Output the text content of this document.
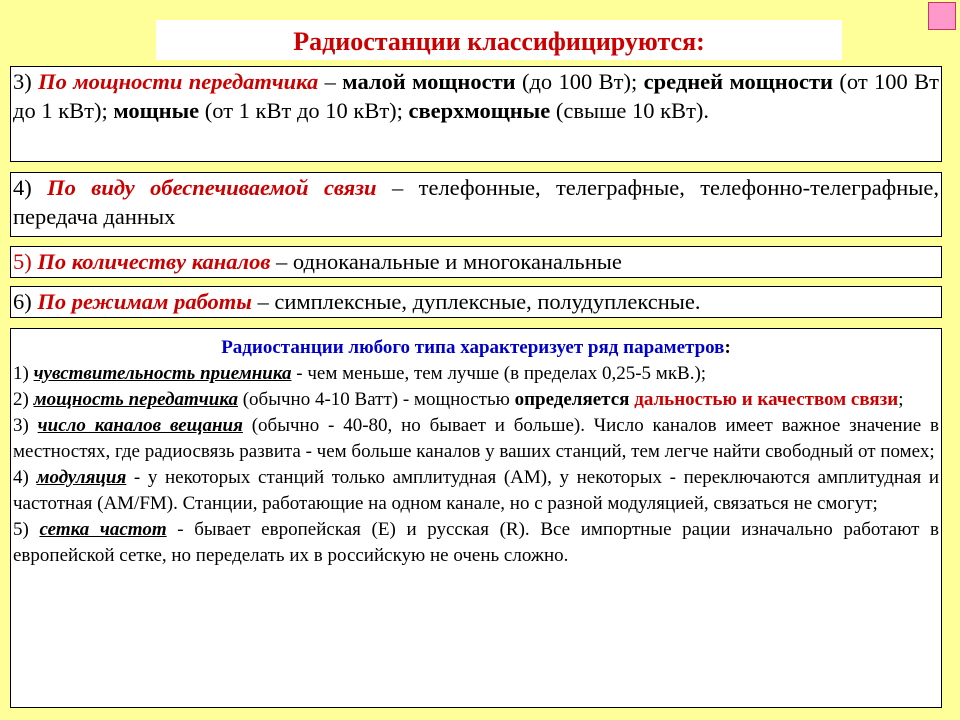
Радиостанции классифицируются:
3) По мощности передатчика – малой мощности (до 100 Вт); средней мощности (от 100 Вт до 1 кВт); мощные (от 1 кВт до 10 кВт); сверхмощные (свыше 10 кВт).
4) По виду обеспечиваемой связи – телефонные, телеграфные, телефонно-телеграфные, передача данных
5) По количеству каналов – одноканальные и многоканальные
6) По режимам работы – симплексные, дуплексные, полудуплексные.
Радиостанции любого типа характеризует ряд параметров:
1) чувствительность приемника - чем меньше, тем лучше (в пределах 0,25-5 мкВ.);
2) мощность передатчика (обычно 4-10 Ватт) - мощностью определяется дальностью и качеством связи;
3) число каналов вещания (обычно - 40-80, но бывает и больше). Число каналов имеет важное значение в местностях, где радиосвязь развита - чем больше каналов у ваших станций, тем легче найти свободный от помех;
4) модуляция - у некоторых станций только амплитудная (AM), у некоторых - переключаются амплитудная и частотная (AM/FM). Станции, работающие на одном канале, но с разной модуляцией, связаться не смогут;
5) сетка частот - бывает европейская (E) и русская (R). Все импортные рации изначально работают в европейской сетке, но переделать их в российскую не очень сложно.
